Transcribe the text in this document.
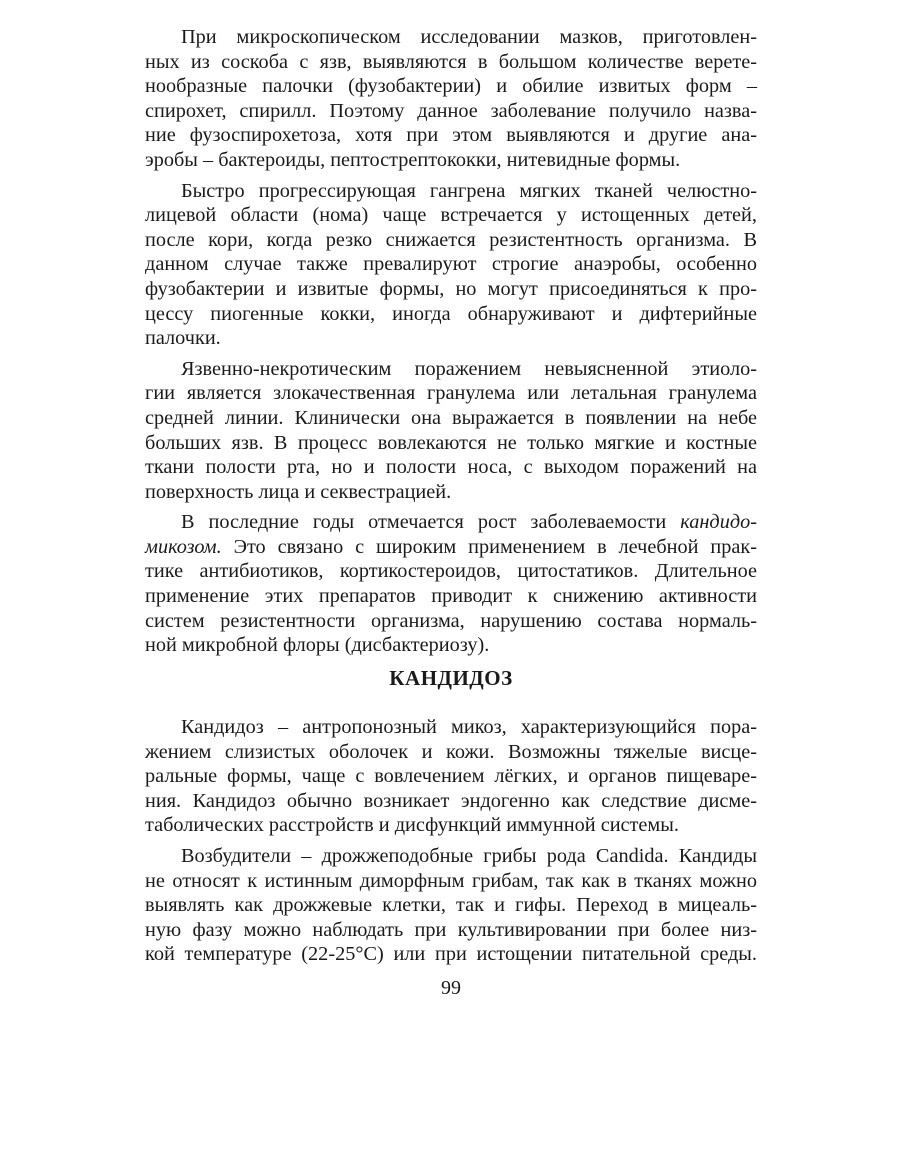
При микроскопическом исследовании мазков, приготовлен-
ных из соскоба с язв, выявляются в большом количестве верете-
нообразные палочки (фузобактерии) и обилие извитых форм –
спирохет, спирилл. Поэтому данное заболевание получило назва-
ние фузоспирохетоза, хотя при этом выявляются и другие ана-
эробы – бактероиды, пептострептококки, нитевидные формы.
Быстро прогрессирующая гангрена мягких тканей челюстно-
лицевой области (нома) чаще встречается у истощенных детей,
после кори, когда резко снижается резистентность организма. В
данном случае также превалируют строгие анаэробы, особенно
фузобактерии и извитые формы, но могут присоединяться к про-
цессу пиогенные кокки, иногда обнаруживают и дифтерийные
палочки.
Язвенно-некротическим поражением невыясненной этиоло-
гии является злокачественная гранулема или летальная гранулема
средней линии. Клинически она выражается в появлении на небе
больших язв. В процесс вовлекаются не только мягкие и костные
ткани полости рта, но и полости носа, с выходом поражений на
поверхность лица и секвестрацией.
В последние годы отмечается рост заболеваемости кандидо-
микозом. Это связано с широким применением в лечебной прак-
тике антибиотиков, кортикостероидов, цитостатиков. Длительное
применение этих препаратов приводит к снижению активности
систем резистентности организма, нарушению состава нормаль-
ной микробной флоры (дисбактериозу).
КАНДИДОЗ
Кандидоз – антропонозный микоз, характеризующийся пора-
жением слизистых оболочек и кожи. Возможны тяжелые висце-
ральные формы, чаще с вовлечением лёгких, и органов пищеваре-
ния. Кандидоз обычно возникает эндогенно как следствие дисме-
таболических расстройств и дисфункций иммунной системы.
Возбудители – дрожжеподобные грибы рода Candida. Кандиды
не относят к истинным диморфным грибам, так как в тканях можно
выявлять как дрожжевые клетки, так и гифы. Переход в мицеаль-
ную фазу можно наблюдать при культивировании при более низ-
кой температуре (22-25°С) или при истощении питательной среды.
99
